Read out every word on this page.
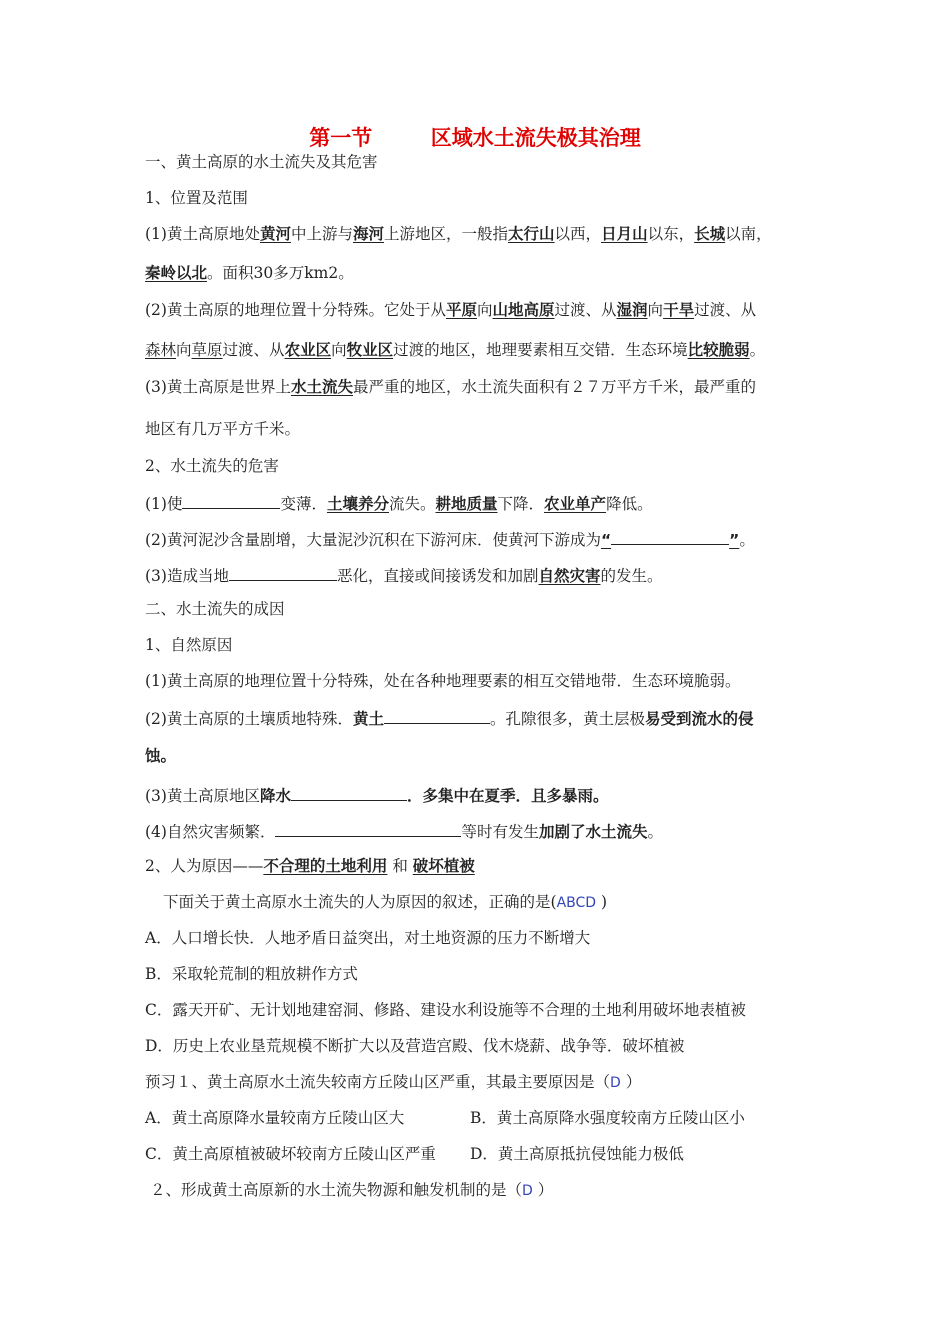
第一节        区域水土流失极其治理
一、黄土高原的水土流失及其危害
1、位置及范围
(1)黄土高原地处黄河中上游与海河上游地区，一般指太行山以西，日月山以东，长城以南，
秦岭以北。面积30多万km2。
(2)黄土高原的地理位置十分特殊。它处于从平原向山地高原过渡、从湿润向干旱过渡、从
森林向草原过渡、从农业区向牧业区过渡的地区，地理要素相互交错．生态环境比较脆弱。
(3)黄土高原是世界上水土流失最严重的地区，水土流失面积有２７万平方千米，最严重的
地区有几万平方千米。
2、水土流失的危害
(1)使	变薄．土壤养分流失。耕地质量下降．农业单产降低。
(2)黄河泥沙含量剧增，大量泥沙沉积在下游河床．使黄河下游成为“	”。
(3)造成当地	恶化，直接或间接诱发和加剧自然灾害的发生。
二、水土流失的成因
1、自然原因
(1)黄土高原的地理位置十分特殊，处在各种地理要素的相互交错地带．生态环境脆弱。
(2)黄土高原的土壤质地特殊．黄土	。孔隙很多，黄土层极易受到流水的侵
蚀。
(3)黄土高原地区降水	．多集中在夏季．且多暴雨。
(4)自然灾害频繁．	等时有发生加剧了水土流失。
2、人为原因——不合理的土地利用 和 破坏植被
下面关于黄土高原水土流失的人为原因的叙述，正确的是(ABCD )
A．人口增长快．人地矛盾日益突出，对土地资源的压力不断增大
B．采取轮荒制的粗放耕作方式
C．露天开矿、无计划地建窑洞、修路、建设水利设施等不合理的土地利用破坏地表植被
D．历史上农业垦荒规模不断扩大以及营造宫殿、伐木烧薪、战争等．破坏植被
预习１、黄土高原水土流失较南方丘陵山区严重，其最主要原因是（D ）
A．黄土高原降水量较南方丘陵山区大	B．黄土高原降水强度较南方丘陵山区小
C．黄土高原植被破坏较南方丘陵山区严重 D．黄土高原抵抗侵蚀能力极低
２、形成黄土高原新的水土流失物源和触发机制的是（D ）
